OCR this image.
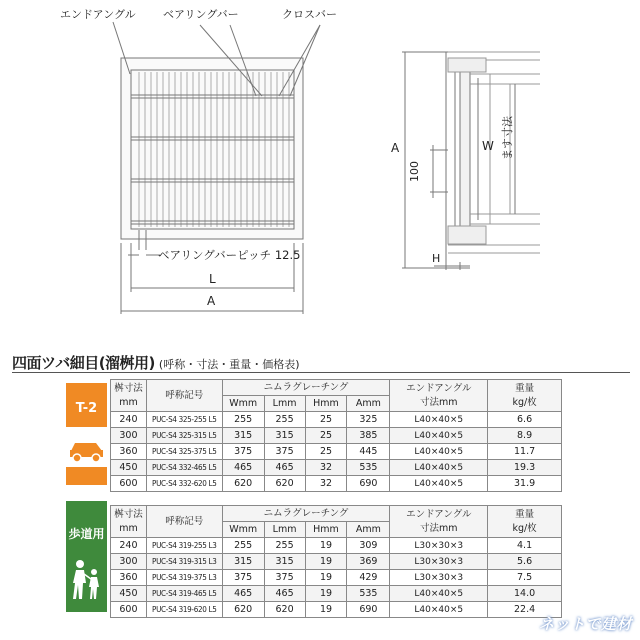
エンドアングル ベアリングバー	クロスバー
ベアリングバーピッチ 12.5
L
A
A	W
100
ます寸法
H
四面ツバ細目(溜桝用) (呼称・寸法・重量・価格表)
T-2
桝寸法
mm	呼称記号	ニムラグレーチング				エンドアングル
寸法mm	重量
kg/枚
		Wmm	Lmm	Hmm	Amm		
240	PUC-S4 325-255 L5	255	255	25	325	L40×40×5	6.6
300	PUC-S4 325-315 L5	315	315	25	385	L40×40×5	8.9
360	PUC-S4 325-375 L5	375	375	25	445	L40×40×5	11.7
450	PUC-S4 332-465 L5	465	465	32	535	L40×40×5	19.3
600	PUC-S4 332-620 L5	620	620	32	690	L40×40×5	31.9
歩道用
桝寸法
mm	呼称記号	ニムラグレーチング				エンドアングル
寸法mm	重量
kg/枚
		Wmm	Lmm	Hmm	Amm		
240	PUC-S4 319-255 L3	255	255	19	309	L30×30×3	4.1
300	PUC-S4 319-315 L3	315	315	19	369	L30×30×3	5.6
360	PUC-S4 319-375 L3	375	375	19	429	L30×30×3	7.5
450	PUC-S4 319-465 L5	465	465	19	535	L40×40×5	14.0
600	PUC-S4 319-620 L5	620	620	19	690	L40×40×5	22.4
ネットで建材
